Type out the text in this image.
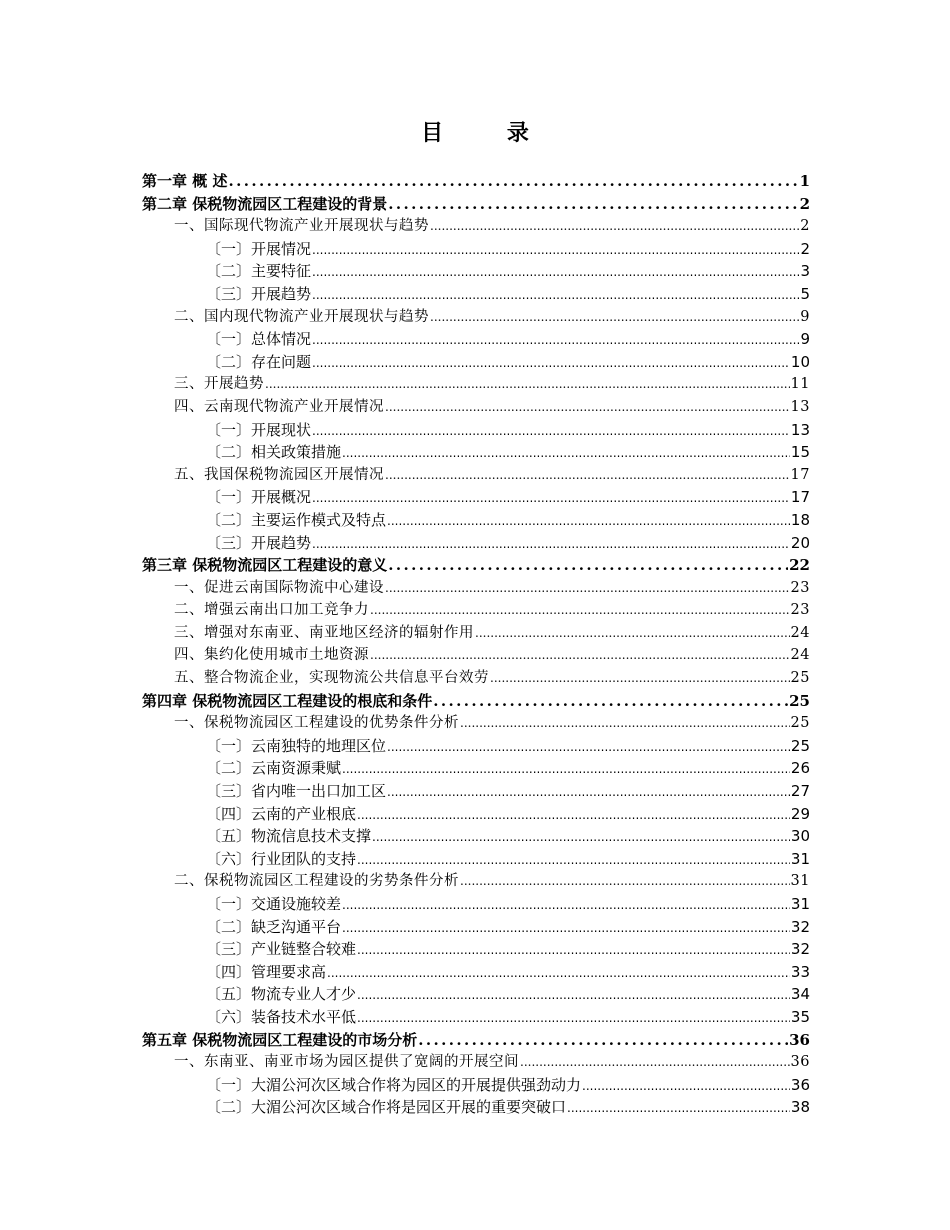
目 录
第一章 概 述 .....	1
第二章 保税物流园区工程建设的背景 .....	2
一、国际现代物流产业开展现状与趋势 .....	2
〔一〕开展情况 .....	2
〔二〕主要特征 .....	3
〔三〕开展趋势 .....	5
二、国内现代物流产业开展现状与趋势 .....	9
〔一〕总体情况 .....	9
〔二〕存在问题 .....	10
三、开展趋势 .....	11
四、云南现代物流产业开展情况 .....	13
〔一〕开展现状 .....	13
〔二〕相关政策措施 .....	15
五、我国保税物流园区开展情况 .....	17
〔一〕开展概况 .....	17
〔二〕主要运作模式及特点 .....	18
〔三〕开展趋势 .....	20
第三章 保税物流园区工程建设的意义 .....	22
一、促进云南国际物流中心建设 .....	23
二、增强云南出口加工竞争力 .....	23
三、增强对东南亚、南亚地区经济的辐射作用 .....	24
四、集约化使用城市土地资源 .....	24
五、整合物流企业，实现物流公共信息平台效劳 .....	25
第四章 保税物流园区工程建设的根底和条件 .....	25
一、保税物流园区工程建设的优势条件分析 .....	25
〔一〕云南独特的地理区位 .....	25
〔二〕云南资源秉赋 .....	26
〔三〕省内唯一出口加工区 .....	27
〔四〕云南的产业根底 .....	29
〔五〕物流信息技术支撑 .....	30
〔六〕行业团队的支持 .....	31
二、保税物流园区工程建设的劣势条件分析 .....	31
〔一〕交通设施较差 .....	31
〔二〕缺乏沟通平台 .....	32
〔三〕产业链整合较难 .....	32
〔四〕管理要求高 .....	33
〔五〕物流专业人才少 .....	34
〔六〕装备技术水平低 .....	35
第五章 保税物流园区工程建设的市场分析 .....	36
一、东南亚、南亚市场为园区提供了宽阔的开展空间 .....	36
〔一〕大湄公河次区域合作将为园区的开展提供强劲动力 .....	36
〔二〕大湄公河次区域合作将是园区开展的重要突破口 .....	38
